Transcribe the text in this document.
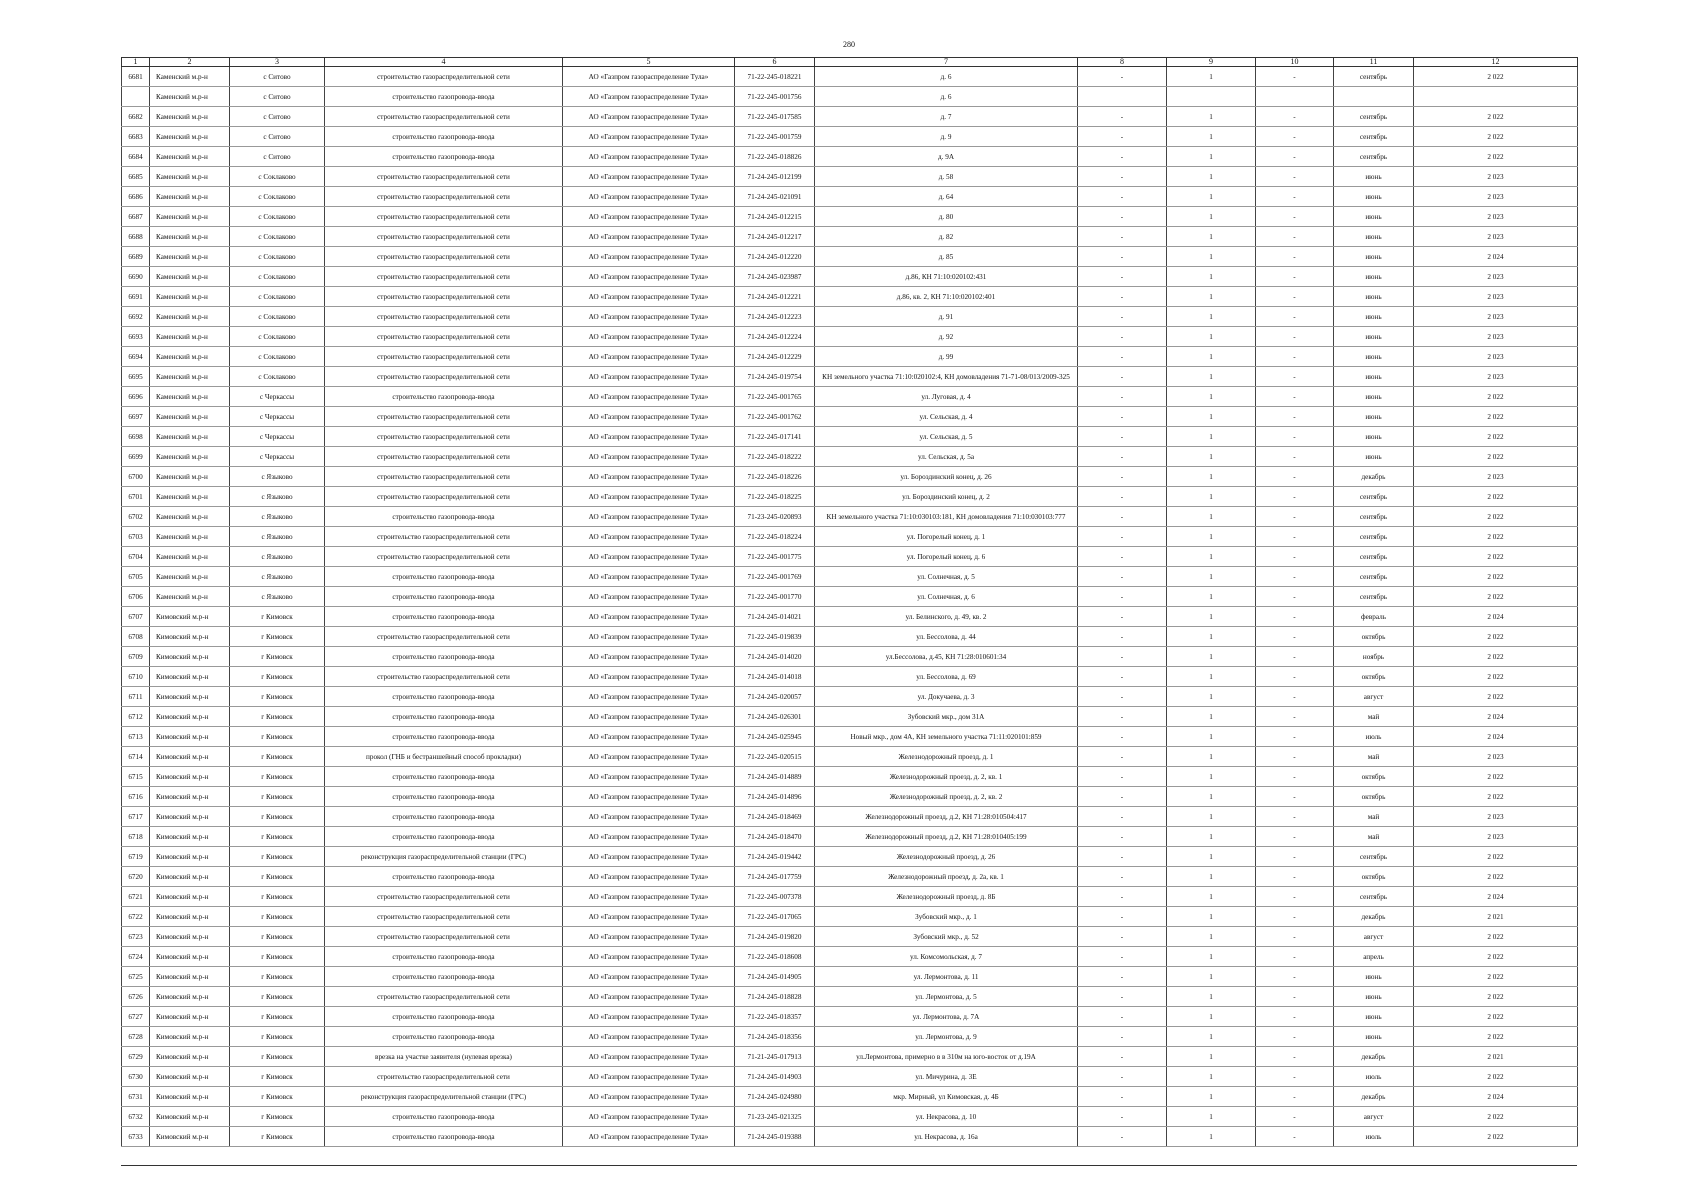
280
1	2	3	4	5	6	7	8	9	10	11	12
6681	Каменский м.р-н	с Ситово	строительство газораспределительной сети	АО «Газпром газораспределение Тула»	71-22-245-018221	д. 6	-	1	-	сентябрь	2 022
	Каменский м.р-н	с Ситово	строительство газопровода-ввода	АО «Газпром газораспределение Тула»	71-22-245-001756	д. 6					
6682	Каменский м.р-н	с Ситово	строительство газораспределительной сети	АО «Газпром газораспределение Тула»	71-22-245-017585	д. 7	-	1	-	сентябрь	2 022
6683	Каменский м.р-н	с Ситово	строительство газопровода-ввода	АО «Газпром газораспределение Тула»	71-22-245-001759	д. 9	-	1	-	сентябрь	2 022
6684	Каменский м.р-н	с Ситово	строительство газопровода-ввода	АО «Газпром газораспределение Тула»	71-22-245-018826	д. 9А	-	1	-	сентябрь	2 022
6685	Каменский м.р-н	с Соклаково	строительство газораспределительной сети	АО «Газпром газораспределение Тула»	71-24-245-012199	д. 58	-	1	-	июнь	2 023
6686	Каменский м.р-н	с Соклаково	строительство газораспределительной сети	АО «Газпром газораспределение Тула»	71-24-245-021091	д. 64	-	1	-	июнь	2 023
6687	Каменский м.р-н	с Соклаково	строительство газораспределительной сети	АО «Газпром газораспределение Тула»	71-24-245-012215	д. 80	-	1	-	июнь	2 023
6688	Каменский м.р-н	с Соклаково	строительство газораспределительной сети	АО «Газпром газораспределение Тула»	71-24-245-012217	д. 82	-	1	-	июнь	2 023
6689	Каменский м.р-н	с Соклаково	строительство газораспределительной сети	АО «Газпром газораспределение Тула»	71-24-245-012220	д. 85	-	1	-	июнь	2 024
6690	Каменский м.р-н	с Соклаково	строительство газораспределительной сети	АО «Газпром газораспределение Тула»	71-24-245-023987	д.86, КН 71:10:020102:431	-	1	-	июнь	2 023
6691	Каменский м.р-н	с Соклаково	строительство газораспределительной сети	АО «Газпром газораспределение Тула»	71-24-245-012221	д.86, кв. 2, КН 71:10:020102:401	-	1	-	июнь	2 023
6692	Каменский м.р-н	с Соклаково	строительство газораспределительной сети	АО «Газпром газораспределение Тула»	71-24-245-012223	д. 91	-	1	-	июнь	2 023
6693	Каменский м.р-н	с Соклаково	строительство газораспределительной сети	АО «Газпром газораспределение Тула»	71-24-245-012224	д. 92	-	1	-	июнь	2 023
6694	Каменский м.р-н	с Соклаково	строительство газораспределительной сети	АО «Газпром газораспределение Тула»	71-24-245-012229	д. 99	-	1	-	июнь	2 023
6695	Каменский м.р-н	с Соклаково	строительство газораспределительной сети	АО «Газпром газораспределение Тула»	71-24-245-019754	КН земельного участка 71:10:020102:4, КН домовладения 71-71-08/013/2009-325	-	1	-	июнь	2 023
6696	Каменский м.р-н	с Черкассы	строительство газопровода-ввода	АО «Газпром газораспределение Тула»	71-22-245-001765	ул. Луговая, д. 4	-	1	-	июнь	2 022
6697	Каменский м.р-н	с Черкассы	строительство газораспределительной сети	АО «Газпром газораспределение Тула»	71-22-245-001762	ул. Сельская, д. 4	-	1	-	июнь	2 022
6698	Каменский м.р-н	с Черкассы	строительство газораспределительной сети	АО «Газпром газораспределение Тула»	71-22-245-017141	ул. Сельская, д. 5	-	1	-	июнь	2 022
6699	Каменский м.р-н	с Черкассы	строительство газораспределительной сети	АО «Газпром газораспределение Тула»	71-22-245-018222	ул. Сельская, д. 5а	-	1	-	июнь	2 022
6700	Каменский м.р-н	с Языково	строительство газораспределительной сети	АО «Газпром газораспределение Тула»	71-22-245-018226	ул. Бороздинский конец, д. 26	-	1	-	декабрь	2 023
6701	Каменский м.р-н	с Языково	строительство газораспределительной сети	АО «Газпром газораспределение Тула»	71-22-245-018225	ул. Бороздинский конец, д. 2	-	1	-	сентябрь	2 022
6702	Каменский м.р-н	с Языково	строительство газопровода-ввода	АО «Газпром газораспределение Тула»	71-23-245-020893	КН земельного участка 71:10:030103:181, КН домовладения 71:10:030103:777	-	1	-	сентябрь	2 022
6703	Каменский м.р-н	с Языково	строительство газораспределительной сети	АО «Газпром газораспределение Тула»	71-22-245-018224	ул. Погорелый конец, д. 1	-	1	-	сентябрь	2 022
6704	Каменский м.р-н	с Языково	строительство газораспределительной сети	АО «Газпром газораспределение Тула»	71-22-245-001775	ул. Погорелый конец, д. 6	-	1	-	сентябрь	2 022
6705	Каменский м.р-н	с Языково	строительство газопровода-ввода	АО «Газпром газораспределение Тула»	71-22-245-001769	ул. Солнечная, д. 5	-	1	-	сентябрь	2 022
6706	Каменский м.р-н	с Языково	строительство газопровода-ввода	АО «Газпром газораспределение Тула»	71-22-245-001770	ул. Солнечная, д. 6	-	1	-	сентябрь	2 022
6707	Кимовский м.р-н	г Кимовск	строительство газопровода-ввода	АО «Газпром газораспределение Тула»	71-24-245-014021	ул. Белинского, д. 49, кв. 2	-	1	-	февраль	2 024
6708	Кимовский м.р-н	г Кимовск	строительство газораспределительной сети	АО «Газпром газораспределение Тула»	71-22-245-019839	ул. Бессолова, д. 44	-	1	-	октябрь	2 022
6709	Кимовский м.р-н	г Кимовск	строительство газопровода-ввода	АО «Газпром газораспределение Тула»	71-24-245-014020	ул.Бессолова, д.45, КН 71:28:010601:34	-	1	-	ноябрь	2 022
6710	Кимовский м.р-н	г Кимовск	строительство газораспределительной сети	АО «Газпром газораспределение Тула»	71-24-245-014018	ул. Бессолова, д. 69	-	1	-	октябрь	2 022
6711	Кимовский м.р-н	г Кимовск	строительство газопровода-ввода	АО «Газпром газораспределение Тула»	71-24-245-020057	ул. Докучаева, д. 3	-	1	-	август	2 022
6712	Кимовский м.р-н	г Кимовск	строительство газопровода-ввода	АО «Газпром газораспределение Тула»	71-24-245-026301	Зубовский мкр., дом 31А	-	1	-	май	2 024
6713	Кимовский м.р-н	г Кимовск	строительство газопровода-ввода	АО «Газпром газораспределение Тула»	71-24-245-025945	Новый мкр., дом 4А, КН земельного участка 71:11:020101:859	-	1	-	июль	2 024
6714	Кимовский м.р-н	г Кимовск	прокол (ГНБ и бестраншейный способ прокладки)	АО «Газпром газораспределение Тула»	71-22-245-020515	Железнодорожный проезд, д. 1	-	1	-	май	2 023
6715	Кимовский м.р-н	г Кимовск	строительство газопровода-ввода	АО «Газпром газораспределение Тула»	71-24-245-014889	Железнодорожный проезд, д. 2, кв. 1	-	1	-	октябрь	2 022
6716	Кимовский м.р-н	г Кимовск	строительство газопровода-ввода	АО «Газпром газораспределение Тула»	71-24-245-014896	Железнодорожный проезд, д. 2, кв. 2	-	1	-	октябрь	2 022
6717	Кимовский м.р-н	г Кимовск	строительство газопровода-ввода	АО «Газпром газораспределение Тула»	71-24-245-018469	Железнодорожный проезд, д.2, КН 71:28:010504:417	-	1	-	май	2 023
6718	Кимовский м.р-н	г Кимовск	строительство газопровода-ввода	АО «Газпром газораспределение Тула»	71-24-245-018470	Железнодорожный проезд, д.2, КН 71:28:010405:199	-	1	-	май	2 023
6719	Кимовский м.р-н	г Кимовск	реконструкция газораспределительной станции (ГРС)	АО «Газпром газораспределение Тула»	71-24-245-019442	Железнодорожный проезд, д. 26	-	1	-	сентябрь	2 022
6720	Кимовский м.р-н	г Кимовск	строительство газопровода-ввода	АО «Газпром газораспределение Тула»	71-24-245-017759	Железнодорожный проезд, д. 2а, кв. 1	-	1	-	октябрь	2 022
6721	Кимовский м.р-н	г Кимовск	строительство газораспределительной сети	АО «Газпром газораспределение Тула»	71-22-245-007378	Железнодорожный проезд, д. 8Б	-	1	-	сентябрь	2 024
6722	Кимовский м.р-н	г Кимовск	строительство газораспределительной сети	АО «Газпром газораспределение Тула»	71-22-245-017065	Зубовский мкр., д. 1	-	1	-	декабрь	2 021
6723	Кимовский м.р-н	г Кимовск	строительство газораспределительной сети	АО «Газпром газораспределение Тула»	71-24-245-019820	Зубовский мкр., д. 52	-	1	-	август	2 022
6724	Кимовский м.р-н	г Кимовск	строительство газопровода-ввода	АО «Газпром газораспределение Тула»	71-22-245-018608	ул. Комсомольская, д. 7	-	1	-	апрель	2 022
6725	Кимовский м.р-н	г Кимовск	строительство газопровода-ввода	АО «Газпром газораспределение Тула»	71-24-245-014905	ул. Лермонтова, д. 11	-	1	-	июнь	2 022
6726	Кимовский м.р-н	г Кимовск	строительство газораспределительной сети	АО «Газпром газораспределение Тула»	71-24-245-018828	ул. Лермонтова, д. 5	-	1	-	июнь	2 022
6727	Кимовский м.р-н	г Кимовск	строительство газопровода-ввода	АО «Газпром газораспределение Тула»	71-22-245-018357	ул. Лермонтова, д. 7А	-	1	-	июнь	2 022
6728	Кимовский м.р-н	г Кимовск	строительство газопровода-ввода	АО «Газпром газораспределение Тула»	71-24-245-018356	ул. Лермонтова, д. 9	-	1	-	июнь	2 022
6729	Кимовский м.р-н	г Кимовск	врезка на участке заявителя (нулевая врезка)	АО «Газпром газораспределение Тула»	71-21-245-017913	ул.Лермонтова, примерно в в 310м на юго-восток от д.19А	-	1	-	декабрь	2 021
6730	Кимовский м.р-н	г Кимовск	строительство газораспределительной сети	АО «Газпром газораспределение Тула»	71-24-245-014903	ул. Мичурина, д. 3Е	-	1	-	июль	2 022
6731	Кимовский м.р-н	г Кимовск	реконструкция газораспределительной станции (ГРС)	АО «Газпром газораспределение Тула»	71-24-245-024980	мкр. Мирный, ул Кимовская, д. 4Б	-	1	-	декабрь	2 024
6732	Кимовский м.р-н	г Кимовск	строительство газопровода-ввода	АО «Газпром газораспределение Тула»	71-23-245-021325	ул. Некрасова, д. 10	-	1	-	август	2 022
6733	Кимовский м.р-н	г Кимовск	строительство газопровода-ввода	АО «Газпром газораспределение Тула»	71-24-245-019388	ул. Некрасова, д. 16а	-	1	-	июль	2 022
